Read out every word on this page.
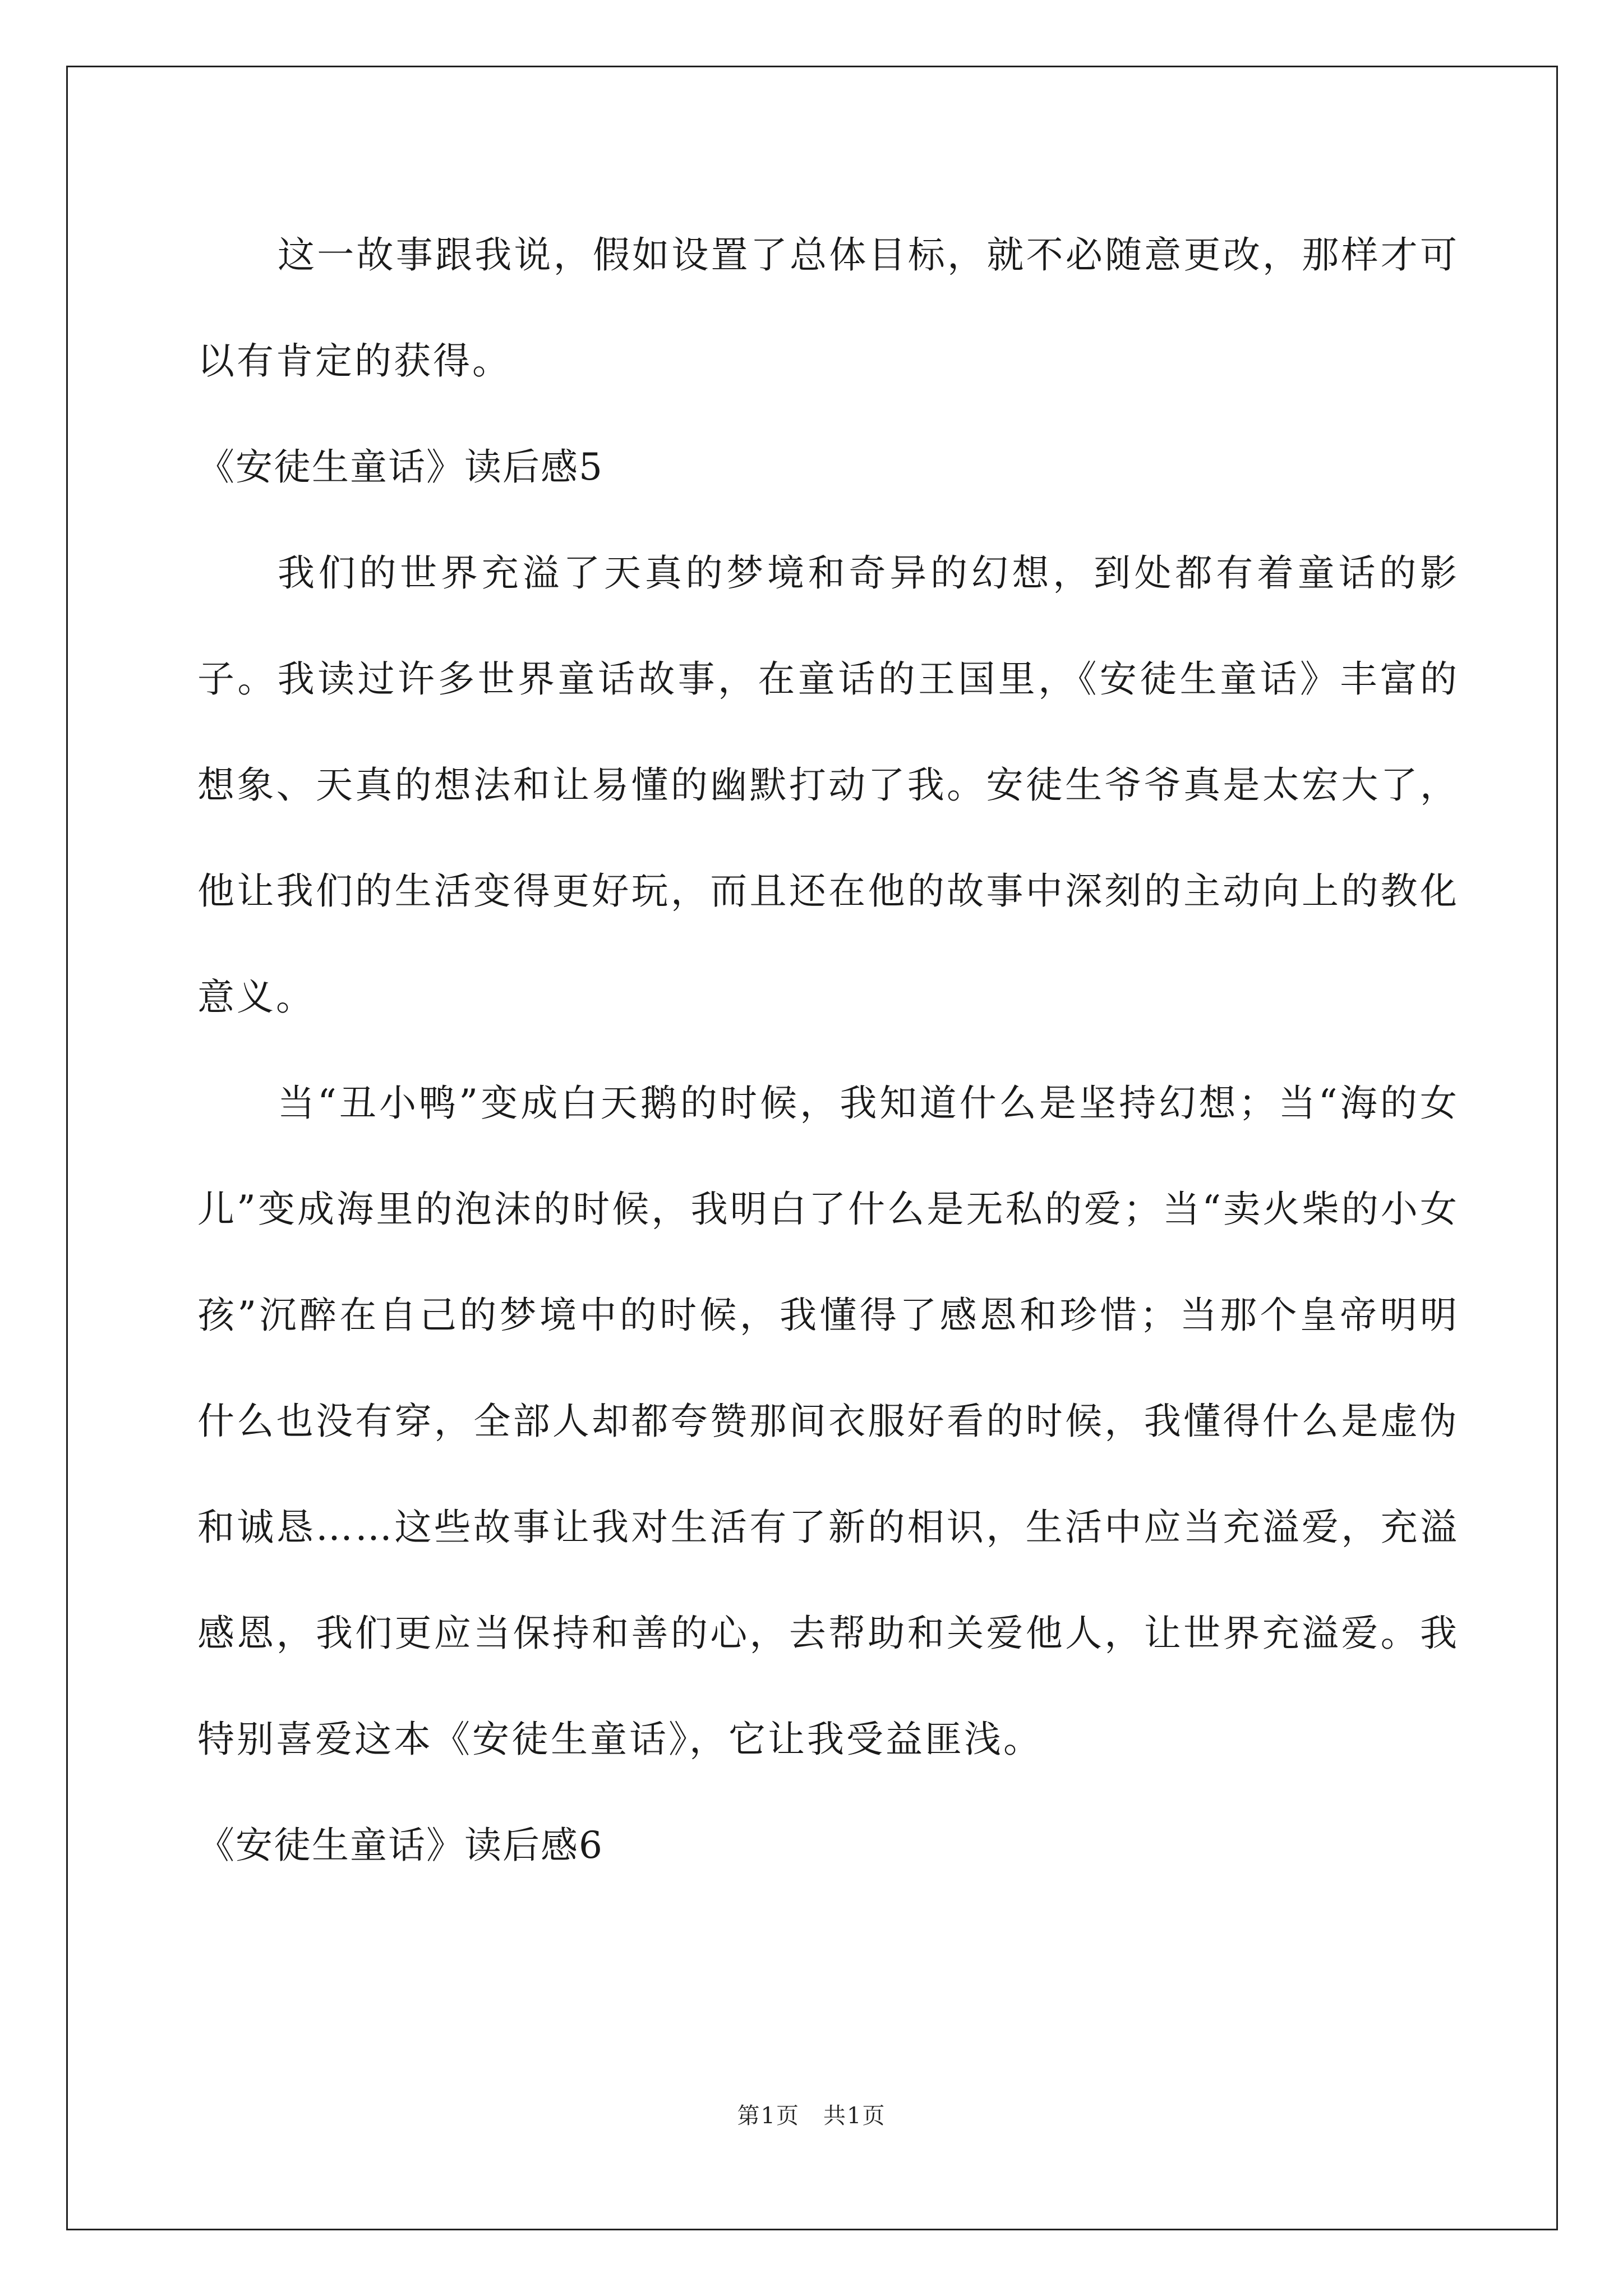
这一故事跟我说，假如设置了总体目标，就不必随意更改，那样才可以有肯定的获得。

《安徒生童话》读后感5

我们的世界充溢了天真的梦境和奇异的幻想，到处都有着童话的影子。我读过许多世界童话故事，在童话的王国里，《安徒生童话》丰富的想象、天真的想法和让易懂的幽默打动了我。安徒生爷爷真是太宏大了，他让我们的生活变得更好玩，而且还在他的故事中深刻的主动向上的教化意义。

当“丑小鸭”变成白天鹅的时候，我知道什么是坚持幻想；当“海的女儿”变成海里的泡沫的时候，我明白了什么是无私的爱；当“卖火柴的小女孩”沉醉在自己的梦境中的时候，我懂得了感恩和珍惜；当那个皇帝明明什么也没有穿，全部人却都夸赞那间衣服好看的时候，我懂得什么是虚伪和诚恳……这些故事让我对生活有了新的相识，生活中应当充溢爱，充溢感恩，我们更应当保持和善的心，去帮助和关爱他人，让世界充溢爱。我特别喜爱这本《安徒生童话》，它让我受益匪浅。

《安徒生童话》读后感6

第1页　共1页
